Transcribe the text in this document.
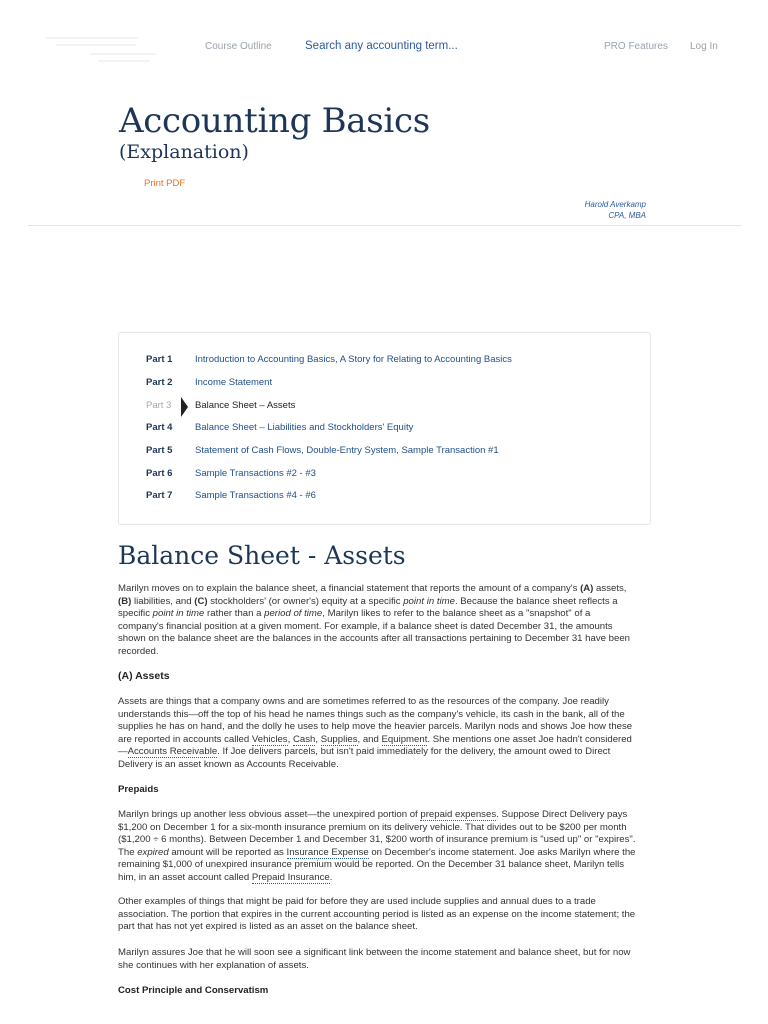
Course Outline	Search any accounting term...	PRO Features Log In
Accounting Basics
(Explanation)
Print PDF
Harold Averkamp
CPA, MBA
Part 1	Introduction to Accounting Basics, A Story for Relating to Accounting Basics
Part 2	Income Statement
Part 3	Balance Sheet – Assets
Part 4	Balance Sheet – Liabilities and Stockholders' Equity
Part 5	Statement of Cash Flows, Double-Entry System, Sample Transaction #1
Part 6	Sample Transactions #2 - #3
Part 7	Sample Transactions #4 - #6
Balance Sheet - Assets
Marilyn moves on to explain the balance sheet, a financial statement that reports the amount of a company's (A) assets, (B) liabilities, and (C) stockholders' (or owner's) equity at a specific point in time. Because the balance sheet reflects a specific point in time rather than a period of time, Marilyn likes to refer to the balance sheet as a "snapshot" of a company's financial position at a given moment. For example, if a balance sheet is dated December 31, the amounts shown on the balance sheet are the balances in the accounts after all transactions pertaining to December 31 have been recorded.
(A) Assets
Assets are things that a company owns and are sometimes referred to as the resources of the company. Joe readily understands this—off the top of his head he names things such as the company's vehicle, its cash in the bank, all of the supplies he has on hand, and the dolly he uses to help move the heavier parcels. Marilyn nods and shows Joe how these are reported in accounts called Vehicles, Cash, Supplies, and Equipment. She mentions one asset Joe hadn't considered—Accounts Receivable. If Joe delivers parcels, but isn't paid immediately for the delivery, the amount owed to Direct Delivery is an asset known as Accounts Receivable.
Prepaids
Marilyn brings up another less obvious asset—the unexpired portion of prepaid expenses. Suppose Direct Delivery pays $1,200 on December 1 for a six-month insurance premium on its delivery vehicle. That divides out to be $200 per month ($1,200 ÷ 6 months). Between December 1 and December 31, $200 worth of insurance premium is "used up" or "expires". The expired amount will be reported as Insurance Expense on December's income statement. Joe asks Marilyn where the remaining $1,000 of unexpired insurance premium would be reported. On the December 31 balance sheet, Marilyn tells him, in an asset account called Prepaid Insurance.
Other examples of things that might be paid for before they are used include supplies and annual dues to a trade association. The portion that expires in the current accounting period is listed as an expense on the income statement; the part that has not yet expired is listed as an asset on the balance sheet.
Marilyn assures Joe that he will soon see a significant link between the income statement and balance sheet, but for now she continues with her explanation of assets.
Cost Principle and Conservatism
